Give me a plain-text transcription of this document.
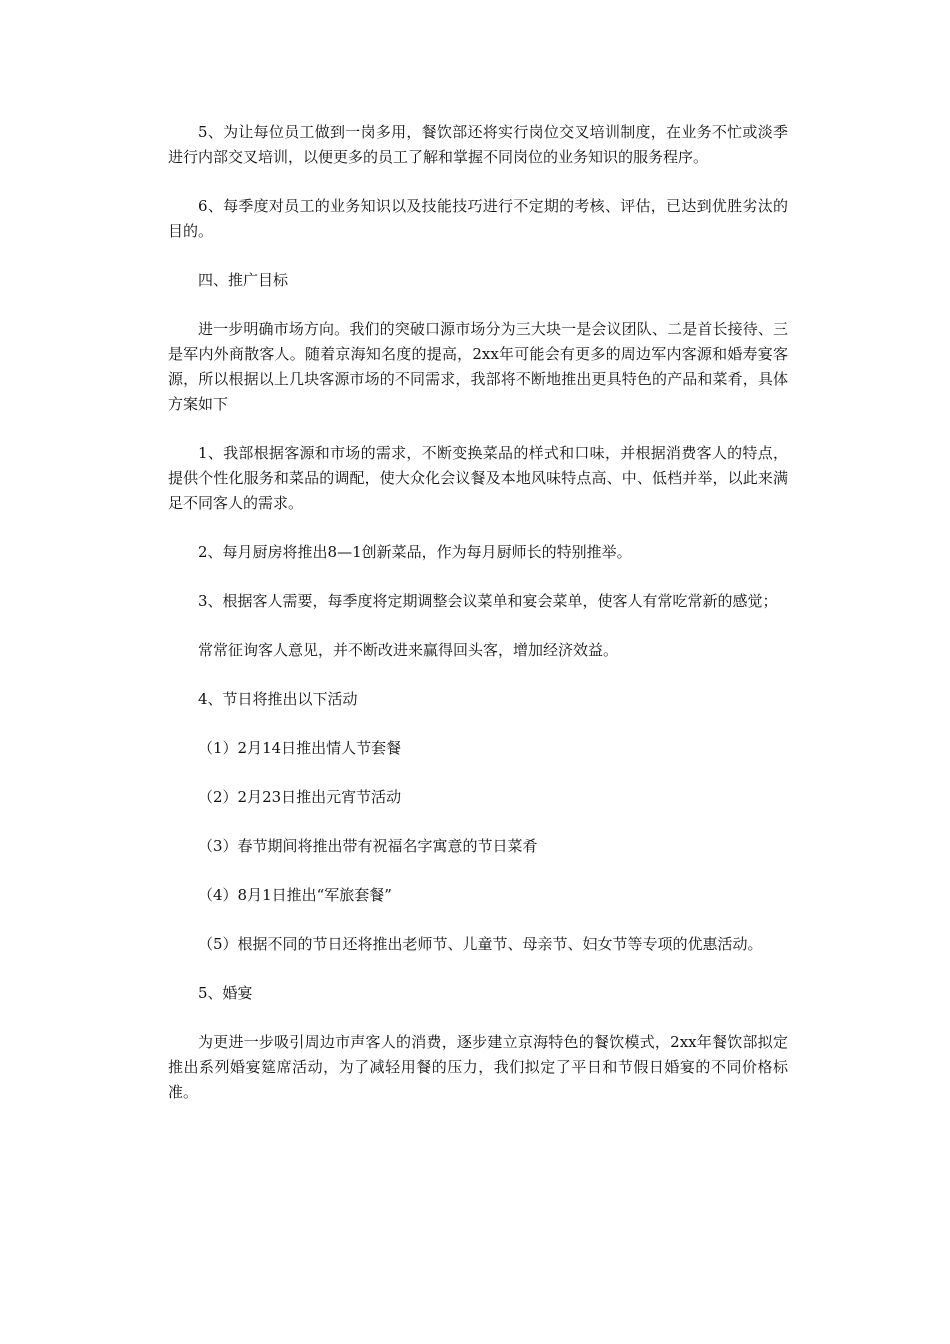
5、为让每位员工做到一岗多用，餐饮部还将实行岗位交叉培训制度，在业务不忙或淡季进行内部交叉培训，以便更多的员工了解和掌握不同岗位的业务知识的服务程序。

6、每季度对员工的业务知识以及技能技巧进行不定期的考核、评估，已达到优胜劣汰的目的。

四、推广目标

进一步明确市场方向。我们的突破口源市场分为三大块一是会议团队、二是首长接待、三是军内外商散客人。随着京海知名度的提高，2xx年可能会有更多的周边军内客源和婚寿宴客源，所以根据以上几块客源市场的不同需求，我部将不断地推出更具特色的产品和菜肴，具体方案如下

1、我部根据客源和市场的需求，不断变换菜品的样式和口味，并根据消费客人的特点，提供个性化服务和菜品的调配，使大众化会议餐及本地风味特点高、中、低档并举，以此来满足不同客人的需求。

2、每月厨房将推出8—1创新菜品，作为每月厨师长的特别推举。

3、根据客人需要，每季度将定期调整会议菜单和宴会菜单，使客人有常吃常新的感觉；

常常征询客人意见，并不断改进来赢得回头客，增加经济效益。

4、节日将推出以下活动

（1）2月14日推出情人节套餐

（2）2月23日推出元宵节活动

（3）春节期间将推出带有祝福名字寓意的节日菜肴

（4）8月1日推出“军旅套餐”

（5）根据不同的节日还将推出老师节、儿童节、母亲节、妇女节等专项的优惠活动。

5、婚宴

为更进一步吸引周边市声客人的消费，逐步建立京海特色的餐饮模式，2xx年餐饮部拟定推出系列婚宴筵席活动，为了减轻用餐的压力，我们拟定了平日和节假日婚宴的不同价格标准。
